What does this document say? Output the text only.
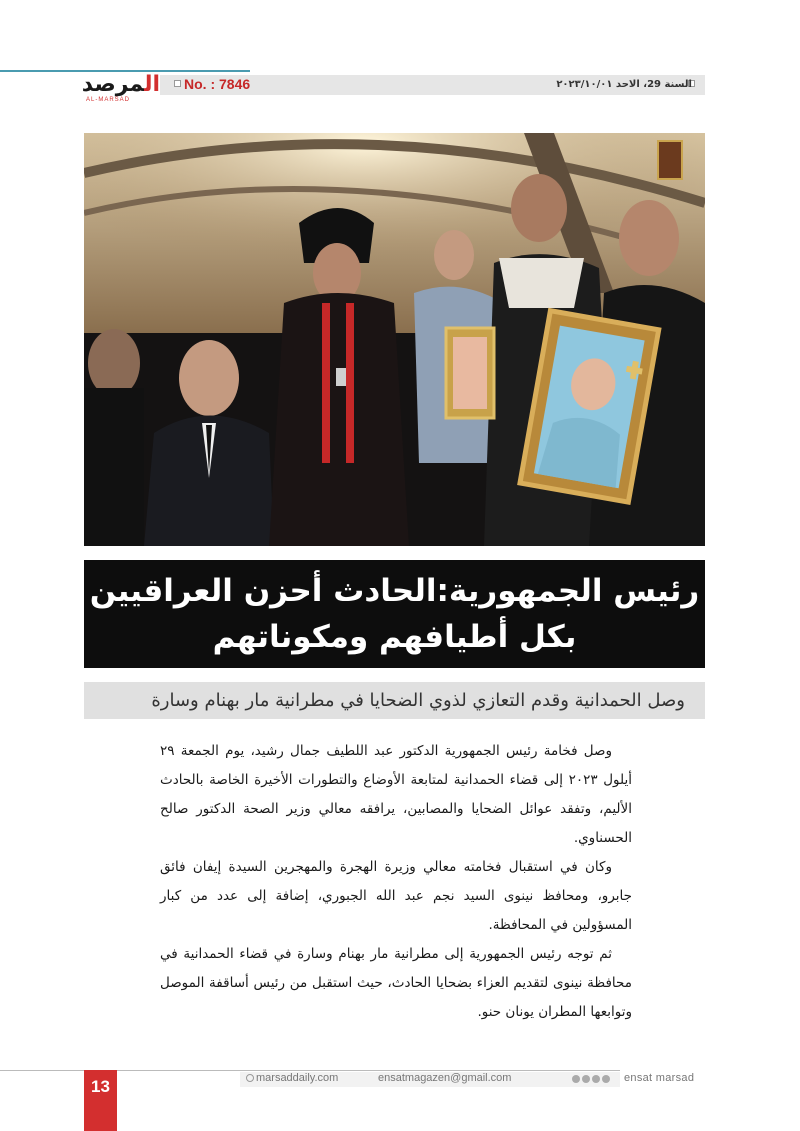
المرصد
AL-MARSAD
No. : 7846	السنة 29، الاحد ٢٠٢٣/١٠/٠١
رئيس الجمهورية:الحادث أحزن العراقيين
بكل أطيافهم ومكوناتهم
وصل الحمدانية وقدم التعازي لذوي الضحايا في مطرانية مار بهنام وسارة

وصل فخامة رئيس الجمهورية الدكتور عبد اللطيف جمال رشيد، يوم الجمعة ٢٩ أيلول ٢٠٢٣ إلى قضاء الحمدانية لمتابعة الأوضاع والتطورات الأخيرة الخاصة بالحادث الأليم، وتفقد عوائل الضحايا والمصابين، يرافقه معالي وزير الصحة الدكتور صالح الحسناوي.

وكان في استقبال فخامته معالي وزيرة الهجرة والمهجرين السيدة إيفان فائق جابرو، ومحافظ نينوى السيد نجم عبد الله الجبوري، إضافة إلى عدد من كبار المسؤولين في المحافظة.

ثم توجه رئيس الجمهورية إلى مطرانية مار بهنام وسارة في قضاء الحمدانية في محافظة نينوى لتقديم العزاء بضحايا الحادث، حيث استقبل من رئيس أساقفة الموصل وتوابعها المطران يونان حنو.

13	marsaddaily.com	ensatmagazen@gmail.com	ensat marsad
